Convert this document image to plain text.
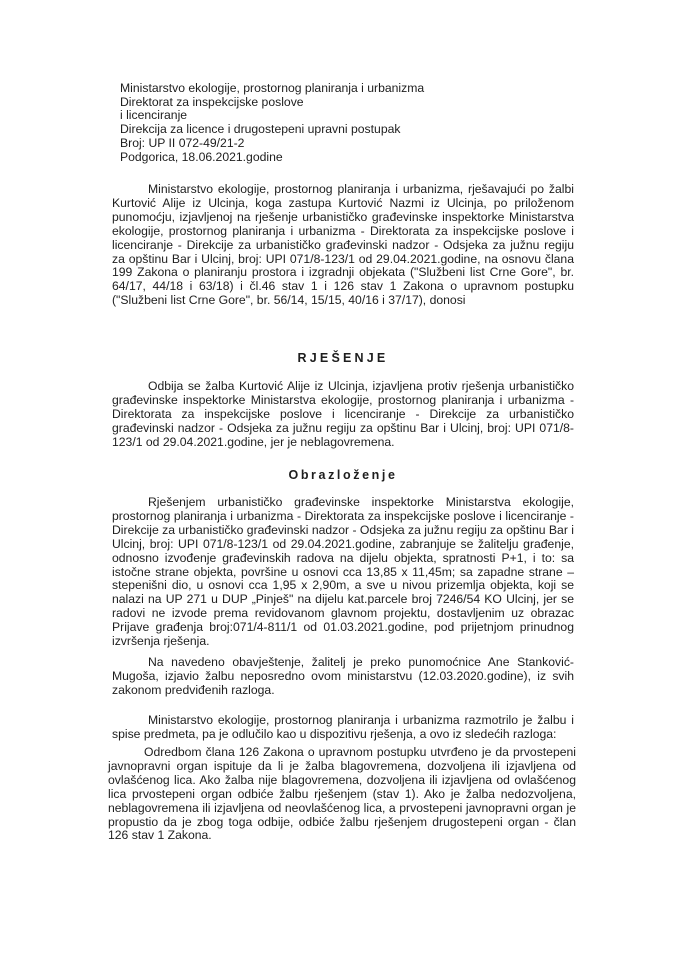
Ministarstvo ekologije, prostornog planiranja i urbanizma
Direktorat za inspekcijske poslove
i licenciranje
Direkcija za licence i drugostepeni upravni postupak
Broj: UP II 072-49/21-2
Podgorica, 18.06.2021.godine

Ministarstvo ekologije, prostornog planiranja i urbanizma, rješavajući po žalbi Kurtović Alije iz Ulcinja, koga zastupa Kurtović Nazmi iz Ulcinja, po priloženom punomoćju, izjavljenoj na rješenje urbanističko građevinske inspektorke Ministarstva ekologije, prostornog planiranja i urbanizma - Direktorata za inspekcijske poslove i licenciranje - Direkcije za urbanističko građevinski nadzor - Odsjeka za južnu regiju za opštinu Bar i Ulcinj, broj: UPI 071/8-123/1 od 29.04.2021.godine, na osnovu člana 199 Zakona o planiranju prostora i izgradnji objekata ("Službeni list Crne Gore", br. 64/17, 44/18 i 63/18) i čl.46 stav 1 i 126 stav 1 Zakona o upravnom postupku ("Službeni list Crne Gore", br. 56/14, 15/15, 40/16 i 37/17), donosi

RJEŠENJE

Odbija se žalba Kurtović Alije iz Ulcinja, izjavljena protiv rješenja urbanističko građevinske inspektorke Ministarstva ekologije, prostornog planiranja i urbanizma - Direktorata za inspekcijske poslove i licenciranje - Direkcije za urbanističko građevinski nadzor - Odsjeka za južnu regiju za opštinu Bar i Ulcinj, broj: UPI 071/8-123/1 od 29.04.2021.godine, jer je neblagovremena.

Obrazloženje

Rješenjem urbanističko građevinske inspektorke Ministarstva ekologije, prostornog planiranja i urbanizma - Direktorata za inspekcijske poslove i licenciranje - Direkcije za urbanističko građevinski nadzor - Odsjeka za južnu regiju za opštinu Bar i Ulcinj, broj: UPI 071/8-123/1 od 29.04.2021.godine, zabranjuje se žalitelju građenje, odnosno izvođenje građevinskih radova na dijelu objekta, spratnosti P+1, i to: sa istočne strane objekta, površine u osnovi cca 13,85 x 11,45m; sa zapadne strane – stepenišni dio, u osnovi cca 1,95 x 2,90m, a sve u nivou prizemlja objekta, koji se nalazi na UP 271 u DUP „Pinješ" na dijelu kat.parcele broj 7246/54 KO Ulcinj, jer se radovi ne izvode prema revidovanom glavnom projektu, dostavljenim uz obrazac Prijave građenja broj:071/4-811/1 od 01.03.2021.godine, pod prijetnjom prinudnog izvršenja rješenja.

Na navedeno obavještenje, žalitelj je preko punomoćnice Ane Stanković-Mugoša, izjavio žalbu neposredno ovom ministarstvu (12.03.2020.godine), iz svih zakonom predviđenih razloga.

Ministarstvo ekologije, prostornog planiranja i urbanizma razmotrilo je žalbu i spise predmeta, pa je odlučilo kao u dispozitivu rješenja, a ovo iz sledećih razloga:

Odredbom člana 126 Zakona o upravnom postupku utvrđeno je da prvostepeni javnopravni organ ispituje da li je žalba blagovremena, dozvoljena ili izjavljena od ovlašćenog lica. Ako žalba nije blagovremena, dozvoljena ili izjavljena od ovlašćenog lica prvostepeni organ odbiće žalbu rješenjem (stav 1). Ako je žalba nedozvoljena, neblagovremena ili izjavljena od neovlašćenog lica, a prvostepeni javnopravni organ je propustio da je zbog toga odbije, odbiće žalbu rješenjem drugostepeni organ - član 126 stav 1 Zakona.
